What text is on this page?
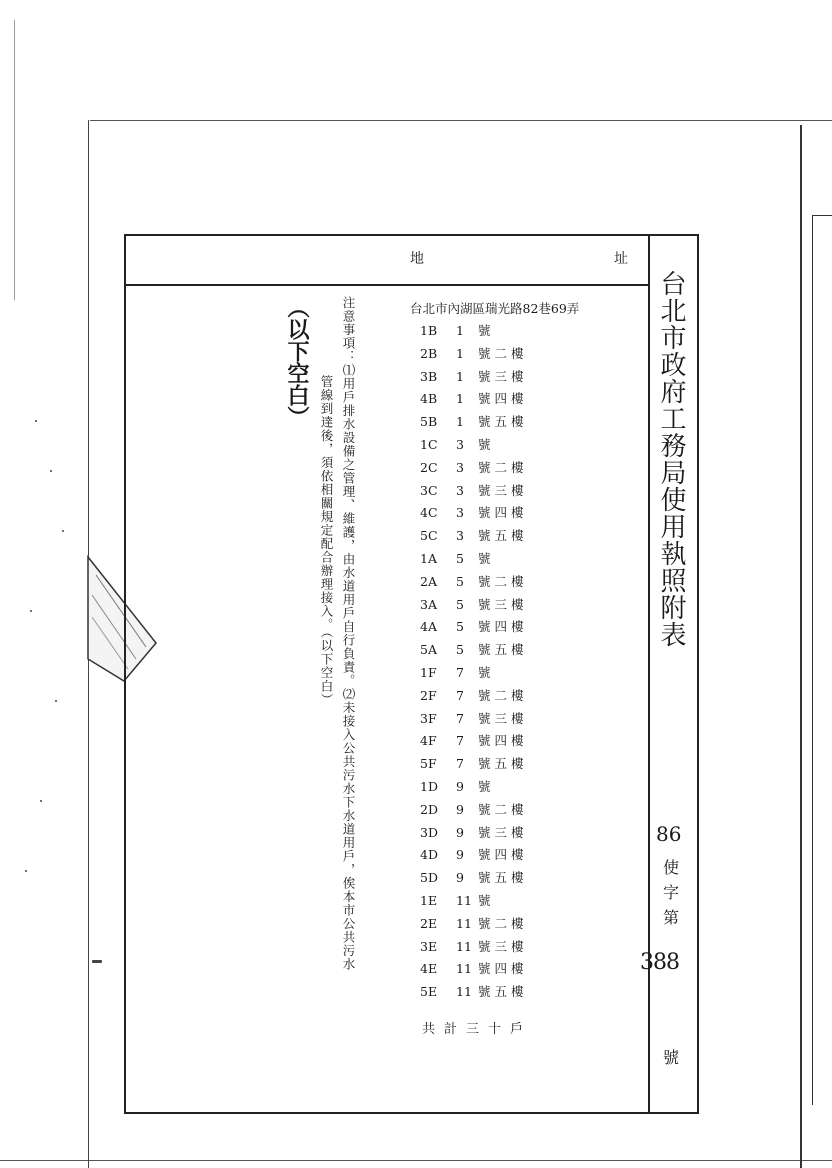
地	址
台北市政府工務局使用執照附表
86
使
字
第
388
號
注意事項：⑴用戶排水設備之管理、維護，由水道用戶自行負責。⑵未接入公共污水下水道用戶，俟本市公共污水
管線到達後，須依相關規定配合辦理接入。（以下空白）
（以下空白）	台北市內湖區瑞光路82巷69弄
1B 1 號
2B 1 號 二 樓
3B 1 號 三 樓
4B 1 號 四 樓
5B 1 號 五 樓
1C 3 號
2C 3 號 二 樓
3C 3 號 三 樓
4C 3 號 四 樓
5C 3 號 五 樓
1A 5 號
2A 5 號 二 樓
3A 5 號 三 樓
4A 5 號 四 樓
5A 5 號 五 樓
1F 7 號
2F 7 號 二 樓
3F 7 號 三 樓
4F 7 號 四 樓
5F 7 號 五 樓
1D 9 號
2D 9 號 二 樓
3D 9 號 三 樓
4D 9 號 四 樓
5D 9 號 五 樓
1E 11 號
2E 11 號 二 樓
3E 11 號 三 樓
4E 11 號 四 樓
5E 11 號 五 樓
共計三十戶
